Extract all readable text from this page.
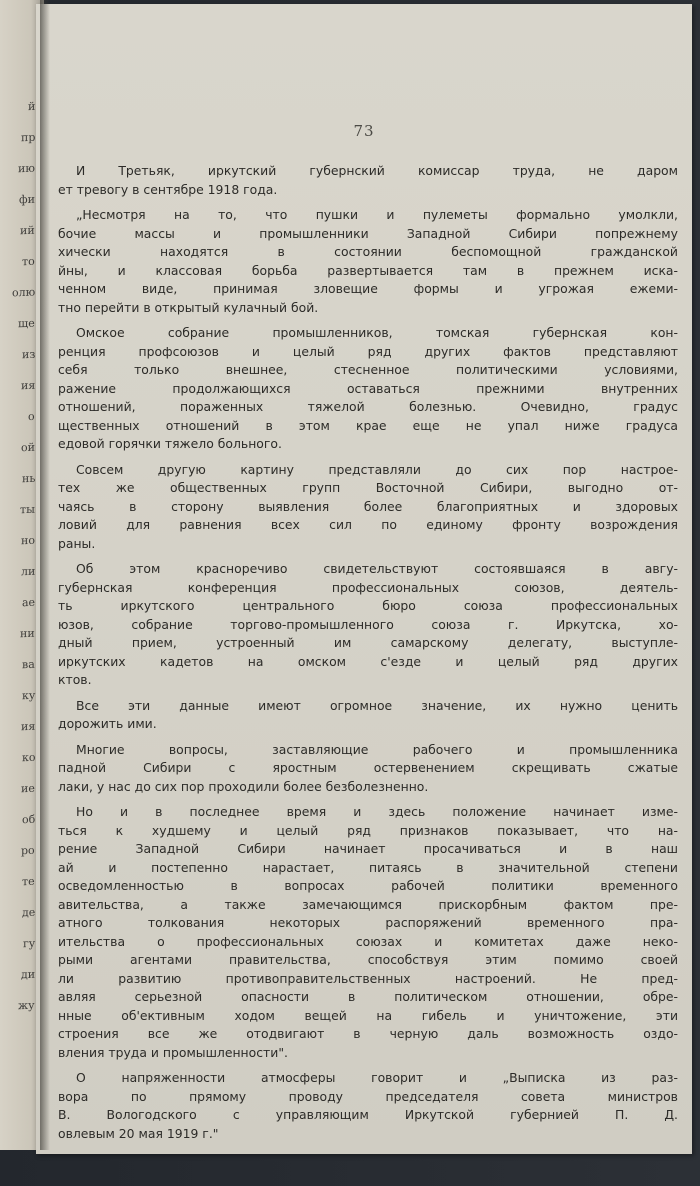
й
пр
ию
фи
ий
то
олю
ще
из
ия
о
ой
нь
ты
но
ли
ае
ни
ва
ку
ия
ко
ие
об
ро
те
де
гу
ди
жу
73

И Третьяк, иркутский губернский комиссар труда, не даром
ет тревогу в сентябре 1918 года.

„Несмотря на то, что пушки и пулеметы формально умолкли,
бочие массы и промышленники Западной Сибири попрежнему
хически находятся в состоянии беспомощной гражданской
йны, и классовая борьба развертывается там в прежнем иска-
ченном виде, принимая зловещие формы и угрожая ежеми-
тно перейти в открытый кулачный бой.

Омское собрание промышленников, томская губернская кон-
ренция профсоюзов и целый ряд других фактов представляют
себя только внешнее, стесненное политическими условиями,
ражение продолжающихся оставаться прежними внутренних
отношений, пораженных тяжелой болезнью. Очевидно, градус
щественных отношений в этом крае еще не упал ниже градуса
едовой горячки тяжело больного.

Совсем другую картину представляли до сих пор настрое-
тех же общественных групп Восточной Сибири, выгодно от-
чаясь в сторону выявления более благоприятных и здоровых
ловий для равнения всех сил по единому фронту возрождения
раны.

Об этом красноречиво свидетельствуют состоявшаяся в авгу-
губернская конференция профессиональных союзов, деятель-
ть иркутского центрального бюро союза профессиональных
юзов, собрание торгово-промышленного союза г. Иркутска, хо-
дный прием, устроенный им самарскому делегату, выступле-
иркутских кадетов на омском с'езде и целый ряд других
ктов.

Все эти данные имеют огромное значение, их нужно ценить
дорожить ими.

Многие вопросы, заставляющие рабочего и промышленника
падной Сибири с яростным остервенением скрещивать сжатые
лаки, у нас до сих пор проходили более безболезненно.

Но и в последнее время и здесь положение начинает изме-
ться к худшему и целый ряд признаков показывает, что на-
рение Западной Сибири начинает просачиваться и в наш
ай и постепенно нарастает, питаясь в значительной степени
осведомленностью в вопросах рабочей политики временного
авительства, а также замечающимся прискорбным фактом пре-
атного толкования некоторых распоряжений временного пра-
ительства о профессиональных союзах и комитетах даже неко-
рыми агентами правительства, способствуя этим помимо своей
ли развитию противоправительственных настроений. Не пред-
авляя серьезной опасности в политическом отношении, обре-
нные об'ективным ходом вещей на гибель и уничтожение, эти
строения все же отодвигают в черную даль возможность оздо-
вления труда и промышленности".

О напряженности атмосферы говорит и „Выписка из раз-
вора по прямому проводу председателя совета министров
В. Вологодского с управляющим Иркутской губернией П. Д.
овлевым 20 мая 1919 г."
